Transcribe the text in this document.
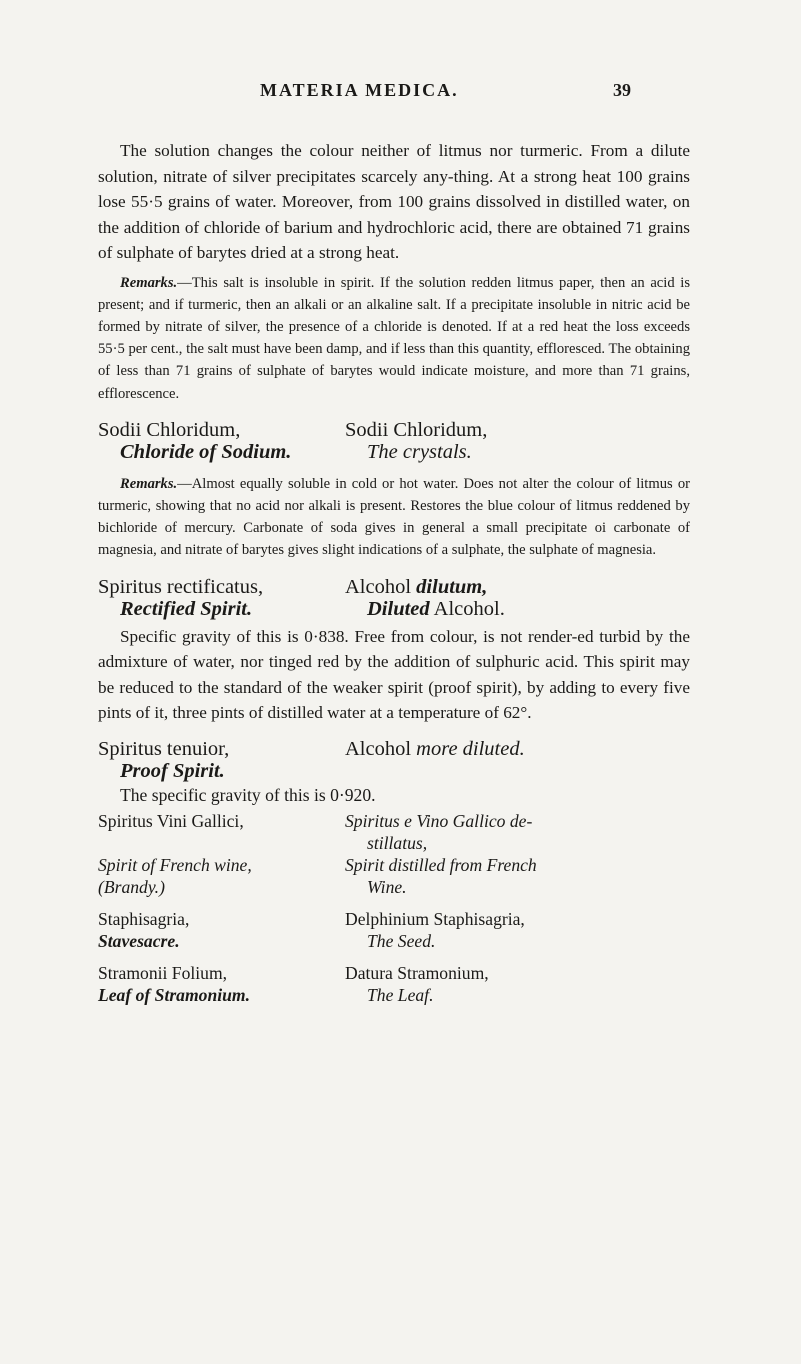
MATERIA MEDICA.	39

The solution changes the colour neither of litmus nor turmeric. From a dilute solution, nitrate of silver precipitates scarcely any-thing. At a strong heat 100 grains lose 55·5 grains of water. Moreover, from 100 grains dissolved in distilled water, on the addition of chloride of barium and hydrochloric acid, there are obtained 71 grains of sulphate of barytes dried at a strong heat.

Remarks.—This salt is insoluble in spirit. If the solution redden litmus paper, then an acid is present; and if turmeric, then an alkali or an alkaline salt. If a precipitate insoluble in nitric acid be formed by nitrate of silver, the presence of a chloride is denoted. If at a red heat the loss exceeds 55·5 per cent., the salt must have been damp, and if less than this quantity, effloresced. The obtaining of less than 71 grains of sulphate of barytes would indicate moisture, and more than 71 grains, efflorescence.

Sodii Chloridum,
Chloride of Sodium.
Sodii Chloridum,
The crystals.

Remarks.—Almost equally soluble in cold or hot water. Does not alter the colour of litmus or turmeric, showing that no acid nor alkali is present. Restores the blue colour of litmus reddened by bichloride of mercury. Carbonate of soda gives in general a small precipitate oi carbonate of magnesia, and nitrate of barytes gives slight indications of a sulphate, the sulphate of magnesia.

Spiritus rectificatus,
Rectified Spirit.
Alcohol dilutum,
Diluted Alcohol.

Specific gravity of this is 0·838. Free from colour, is not render-ed turbid by the admixture of water, nor tinged red by the addition of sulphuric acid. This spirit may be reduced to the standard of the weaker spirit (proof spirit), by adding to every five pints of it, three pints of distilled water at a temperature of 62°.

Spiritus tenuior,
Proof Spirit.
Alcohol more diluted.

The specific gravity of this is 0·920.

Spiritus Vini Gallici,	Spiritus e Vino Gallico de-
stillatus,
Spirit of French wine,
(Brandy.)
Spirit distilled from French
Wine.
Staphisagria,
Stavesacre.
Delphinium Staphisagria,
The Seed.
Stramonii Folium,
Leaf of Stramonium.
Datura Stramonium,
The Leaf.
